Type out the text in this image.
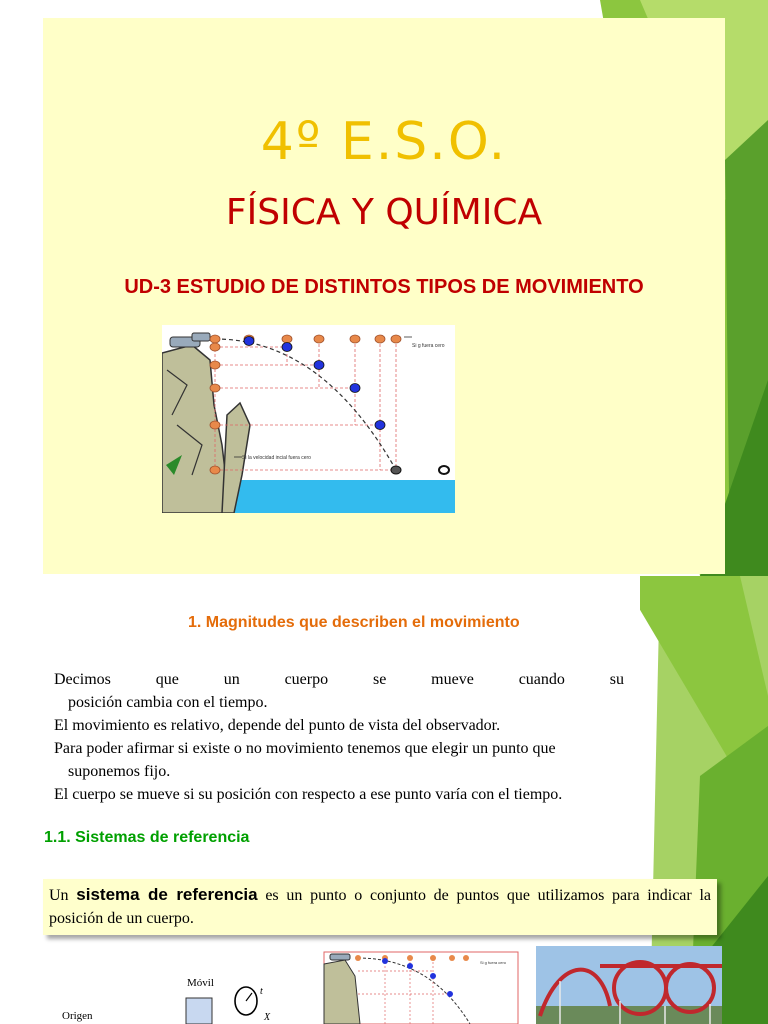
4º E.S.O.
FÍSICA Y QUÍMICA
UD-3 ESTUDIO DE DISTINTOS TIPOS DE MOVIMIENTO
Si g fuera cero
Si la velocidad incial fuera cero
1. Magnitudes que describen el movimiento
Decimos que un cuerpo se mueve cuando su
posición cambia con el tiempo.
El movimiento es relativo, depende del punto de vista del observador.
Para poder afirmar si existe o no movimiento tenemos que elegir un punto que
suponemos fijo.
El cuerpo se mueve si su posición con respecto a ese punto varía con el tiempo.
1.1. Sistemas de referencia
Un sistema de referencia es un punto o conjunto de puntos que utilizamos para indicar la posición de un cuerpo.
Origen
Móvil
t
X
Si g fuera cero
